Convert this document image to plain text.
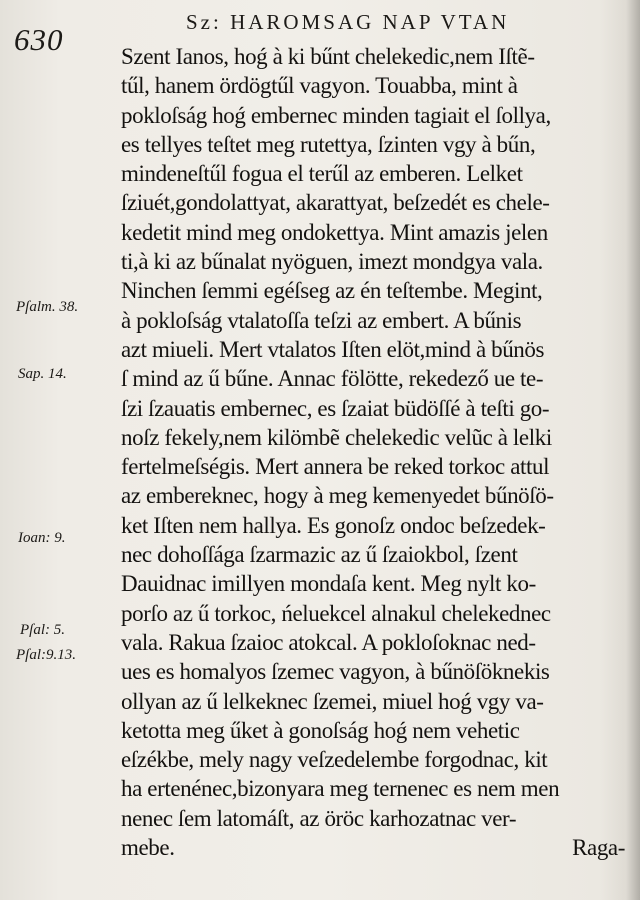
630	Sz: HAROMSAG NAP VTAN
Szent Ianos, hoǵ à ki bűnt chelekedic,nem Iſtẽ-
tűl, hanem ördögtűl vagyon. Touabba, mint à
pokloſság hoǵ embernec minden tagiait el ſollya,
es tellyes teſtet meg rutettya, ſzinten vgy à bűn,
mindeneſtűl fogua el terűl az emberen. Lelket
ſziuét,gondolattyat, akarattyat, beſzedét es chele-
kedetit mind meg ondokettya. Mint amazis jelen
ti,à ki az bűnalat nyöguen, imezt mondgya vala.
Ninchen ſemmi egéſseg az én teſtembe. Megint,
à pokloſság vtalatoſſa teſzi az embert. A bűnis
azt miueli. Mert vtalatos Iſten elöt,mind à bűnös
ſ mind az ű bűne. Annac fölötte, rekedező ue te-
ſzi ſzauatis embernec, es ſzaiat büdöſſé à teſti go-
noſz fekely,nem kilömbẽ chelekedic velũc à lelki
fertelmeſségis. Mert annera be reked torkoc attul
az embereknec, hogy à meg kemenyedet bűnöſö-
ket Iſten nem hallya. Es gonoſz ondoc beſzedek-
nec dohoſſága ſzarmazic az ű ſzaiokbol, ſzent
Dauidnac imillyen mondaſa kent. Meg nylt ko-
porſo az ű torkoc, ńeluekcel alnakul chelekednec
vala. Rakua ſzaioc atokcal. A pokloſoknac ned-
ues es homalyos ſzemec vagyon, à bűnöſöknekis
ollyan az ű lelkeknec ſzemei, miuel hoǵ vgy va-
ketotta meg űket à gonoſság hoǵ nem vehetic
eſzékbe, mely nagy veſzedelembe forgodnac, kit
ha ertenénec,bizonyara meg ternenec es nem men
nenec ſem latomáſt, az öröc karhozatnac ver-
mebe.	Raga-
Pſalm. 38.
Sap. 14.
Ioan: 9.
Pſal: 5.
Pſal:9.13.
